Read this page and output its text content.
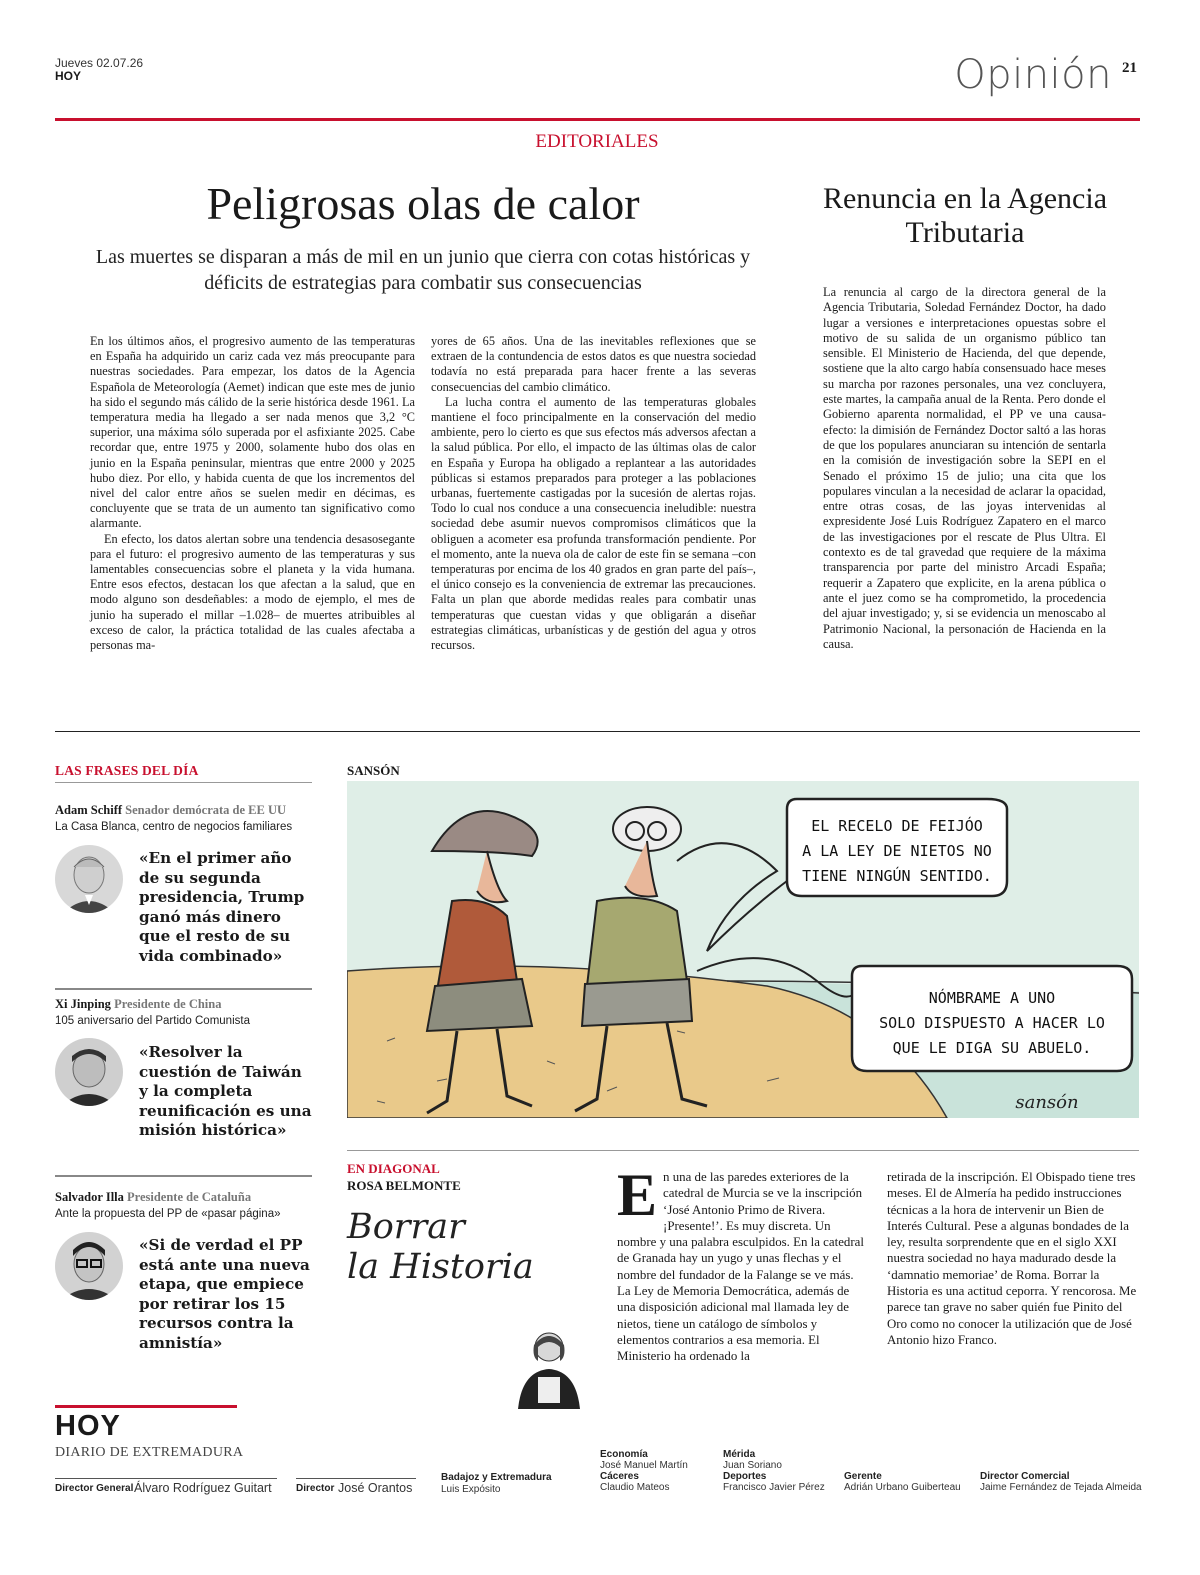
Jueves 02.07.26
HOY	Opinión 21
EDITORIALES
Peligrosas olas de calor
Las muertes se disparan a más de mil en un junio que cierra con cotas históricas y déficits de estrategias para combatir sus consecuencias

En los últimos años, el progresivo aumento de las temperaturas en España ha adquirido un cariz cada vez más preocupante para nuestras sociedades. Para empezar, los datos de la Agencia Española de Meteorología (Aemet) indican que este mes de junio ha sido el segundo más cálido de la serie histórica desde 1961. La temperatura media ha llegado a ser nada menos que 3,2 °C superior, una máxima sólo superada por el asfixiante 2025. Cabe recordar que, entre 1975 y 2000, solamente hubo dos olas en junio en la España peninsular, mientras que entre 2000 y 2025 hubo diez. Por ello, y habida cuenta de que los incrementos del nivel del calor entre años se suelen medir en décimas, es concluyente que se trata de un aumento tan significativo como alarmante.

En efecto, los datos alertan sobre una tendencia desasosegante para el futuro: el progresivo aumento de las temperaturas y sus lamentables consecuencias sobre el planeta y la vida humana. Entre esos efectos, destacan los que afectan a la salud, que en modo alguno son desdeñables: a modo de ejemplo, el mes de junio ha superado el millar –1.028– de muertes atribuibles al exceso de calor, la práctica totalidad de las cuales afectaba a personas ma-

yores de 65 años. Una de las inevitables reflexiones que se extraen de la contundencia de estos datos es que nuestra sociedad todavía no está preparada para hacer frente a las severas consecuencias del cambio climático.

La lucha contra el aumento de las temperaturas globales mantiene el foco principalmente en la conservación del medio ambiente, pero lo cierto es que sus efectos más adversos afectan a la salud pública. Por ello, el impacto de las últimas olas de calor en España y Europa ha obligado a replantear a las autoridades públicas si estamos preparados para proteger a las poblaciones urbanas, fuertemente castigadas por la sucesión de alertas rojas. Todo lo cual nos conduce a una consecuencia ineludible: nuestra sociedad debe asumir nuevos compromisos climáticos que la obliguen a acometer esa profunda transformación pendiente. Por el momento, ante la nueva ola de calor de este fin se semana –con temperaturas por encima de los 40 grados en gran parte del país–, el único consejo es la conveniencia de extremar las precauciones. Falta un plan que aborde medidas reales para combatir unas temperaturas que cuestan vidas y que obligarán a diseñar estrategias climáticas, urbanísticas y de gestión del agua y otros recursos.

Renuncia en la Agencia Tributaria

La renuncia al cargo de la directora general de la Agencia Tributaria, Soledad Fernández Doctor, ha dado lugar a versiones e interpretaciones opuestas sobre el motivo de su salida de un organismo público tan sensible. El Ministerio de Hacienda, del que depende, sostiene que la alto cargo había consensuado hace meses su marcha por razones personales, una vez concluyera, este martes, la campaña anual de la Renta. Pero donde el Gobierno aparenta normalidad, el PP ve una causa-efecto: la dimisión de Fernández Doctor saltó a las horas de que los populares anunciaran su intención de sentarla en la comisión de investigación sobre la SEPI en el Senado el próximo 15 de julio; una cita que los populares vinculan a la necesidad de aclarar la opacidad, entre otras cosas, de las joyas intervenidas al expresidente José Luis Rodríguez Zapatero en el marco de las investigaciones por el rescate de Plus Ultra. El contexto es de tal gravedad que requiere de la máxima transparencia por parte del ministro Arcadi España; requerir a Zapatero que explicite, en la arena pública o ante el juez como se ha comprometido, la procedencia del ajuar investigado; y, si se evidencia un menoscabo al Patrimonio Nacional, la personación de Hacienda en la causa.

LAS FRASES DEL DÍA
Adam Schiff Senador demócrata de EE UU
La Casa Blanca, centro de negocios familiares
«En el primer año de su segunda presidencia, Trump ganó más dinero que el resto de su vida combinado»
Xi Jinping Presidente de China
105 aniversario del Partido Comunista
«Resolver la cuestión de Taiwán y la completa reunificación es una misión histórica»
Salvador Illa Presidente de Cataluña
Ante la propuesta del PP de «pasar página»
«Si de verdad el PP está ante una nueva etapa, que empiece por retirar los 15 recursos contra la amnistía»
SANSÓN
EL RECELO DE FEIJÓO
A LA LEY DE NIETOS NO
TIENE NINGÚN SENTIDO.
NÓMBRAME A UNO
SOLO DISPUESTO A HACER LO
QUE LE DIGA SU ABUELO.
sansón
EN DIAGONAL
ROSA BELMONTE
Borrar
la Historia
En una de las paredes exteriores de la catedral de Murcia se ve la inscripción ‘José Antonio Primo de Rivera. ¡Presente!’. Es muy discreta. Un nombre y una palabra esculpidos. En la catedral de Granada hay un yugo y unas flechas y el nombre del fundador de la Falange se ve más. La Ley de Memoria Democrática, además de una disposición adicional mal llamada ley de nietos, tiene un catálogo de símbolos y elementos contrarios a esa memoria. El Ministerio ha ordenado la
retirada de la inscripción. El Obispado tiene tres meses. El de Almería ha pedido instrucciones técnicas a la hora de intervenir un Bien de Interés Cultural. Pese a algunas bondades de la ley, resulta sorprendente que en el siglo XXI nuestra sociedad no haya madurado desde la ‘damnatio memoriae’ de Roma. Borrar la Historia es una actitud ceporra. Y rencorosa. Me parece tan grave no saber quién fue Pinito del Oro como no conocer la utilización que de José Antonio hizo Franco.
HOY
DIARIO DE EXTREMADURA
Director General Álvaro Rodríguez Guitart Director José Orantos
Badajoz y Extremadura
Luis Expósito
Economía
José Manuel Martín
Cáceres
Claudio Mateos
Mérida
Juan Soriano
Deportes
Francisco Javier Pérez
Gerente
Adrián Urbano Guiberteau
Director Comercial
Jaime Fernández de Tejada Almeida
